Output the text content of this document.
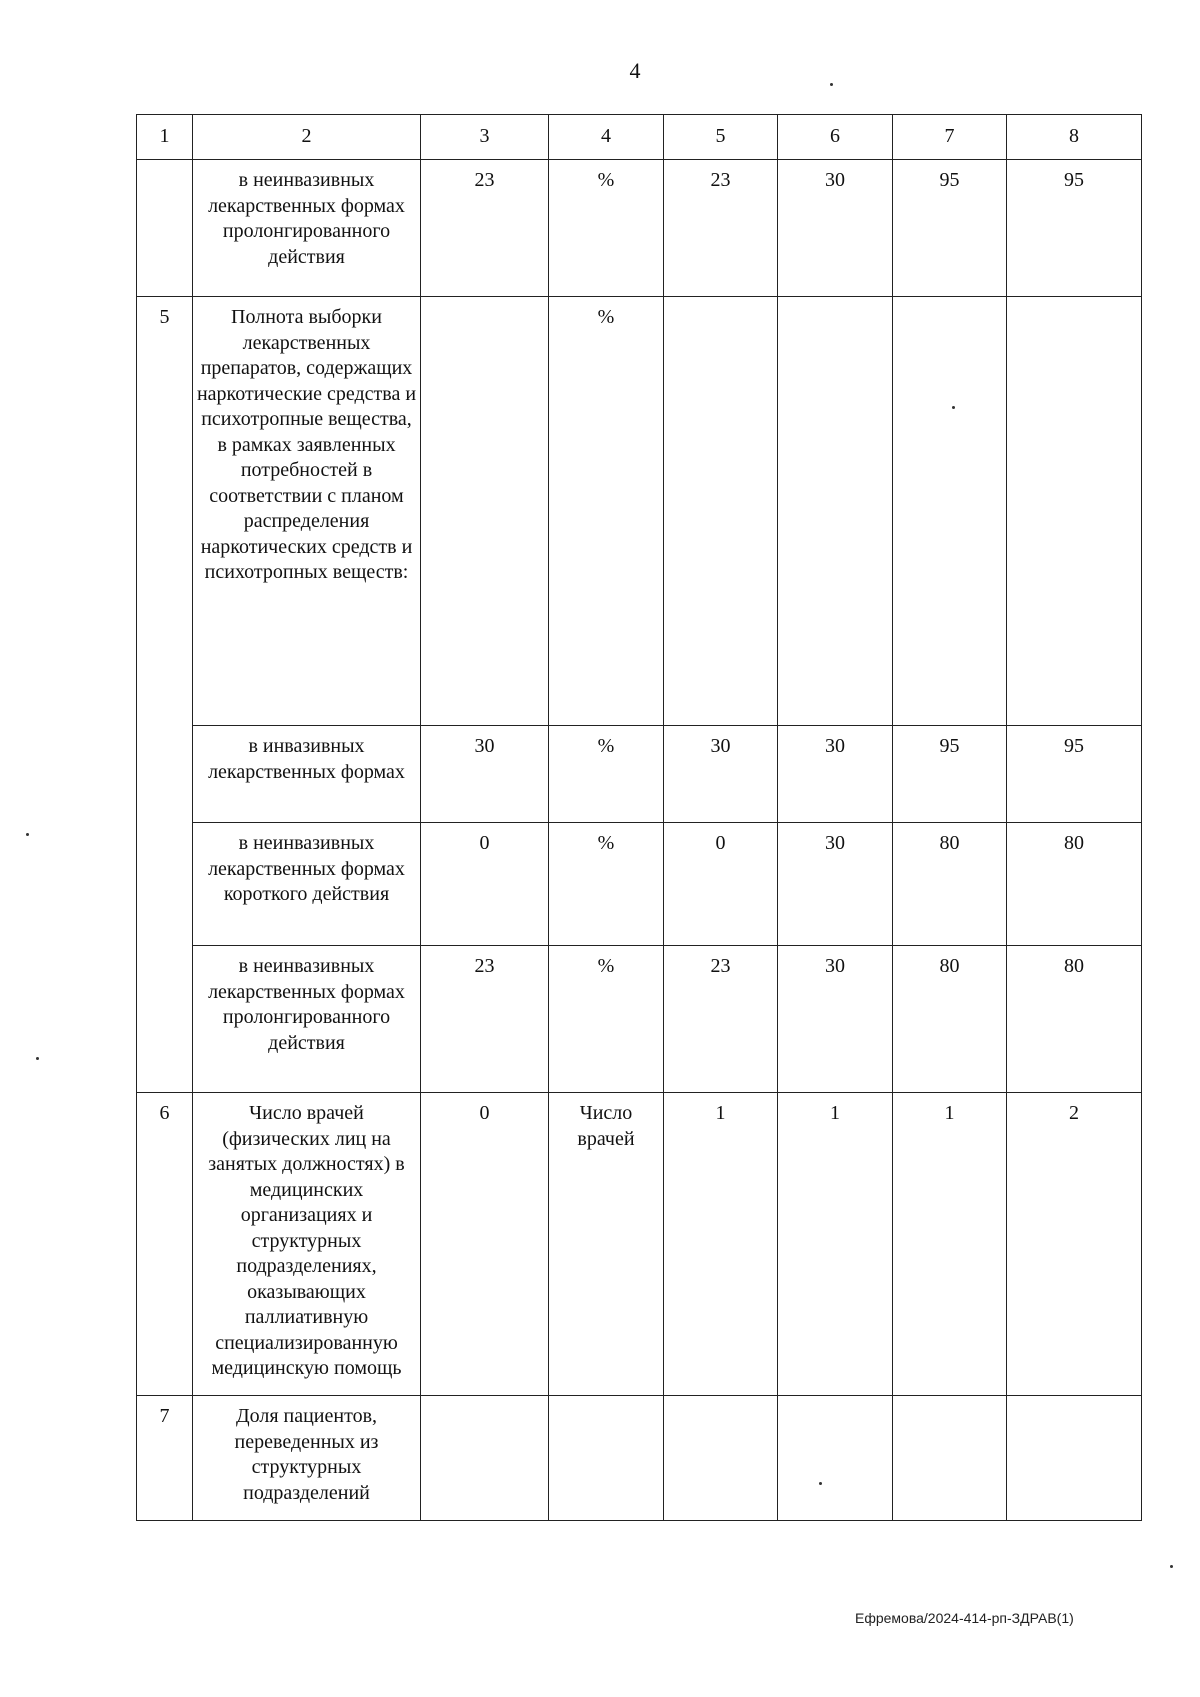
4
1	2	3	4	5	6	7	8
	в неинвазивных лекарственных формах пролонгированного действия	23	%	23	30	95	95
5	Полнота выборки лекарственных препаратов, содержащих наркотические средства и психотропные вещества, в рамках заявленных потребностей в соответствии с планом распределения наркотических средств и психотропных веществ:		%				
	в инвазивных лекарственных формах	30	%	30	30	95	95
	в неинвазивных лекарственных формах короткого действия	0	%	0	30	80	80
	в неинвазивных лекарственных формах пролонгированного действия	23	%	23	30	80	80
6	Число врачей (физических лиц на занятых должностях) в медицинских организациях и структурных подразделениях, оказывающих паллиативную специализированную медицинскую помощь	0	Число врачей	1	1	1	2
7	Доля пациентов, переведенных из структурных подразделений						
Ефремова/2024-414-рп-ЗДРАВ(1)
